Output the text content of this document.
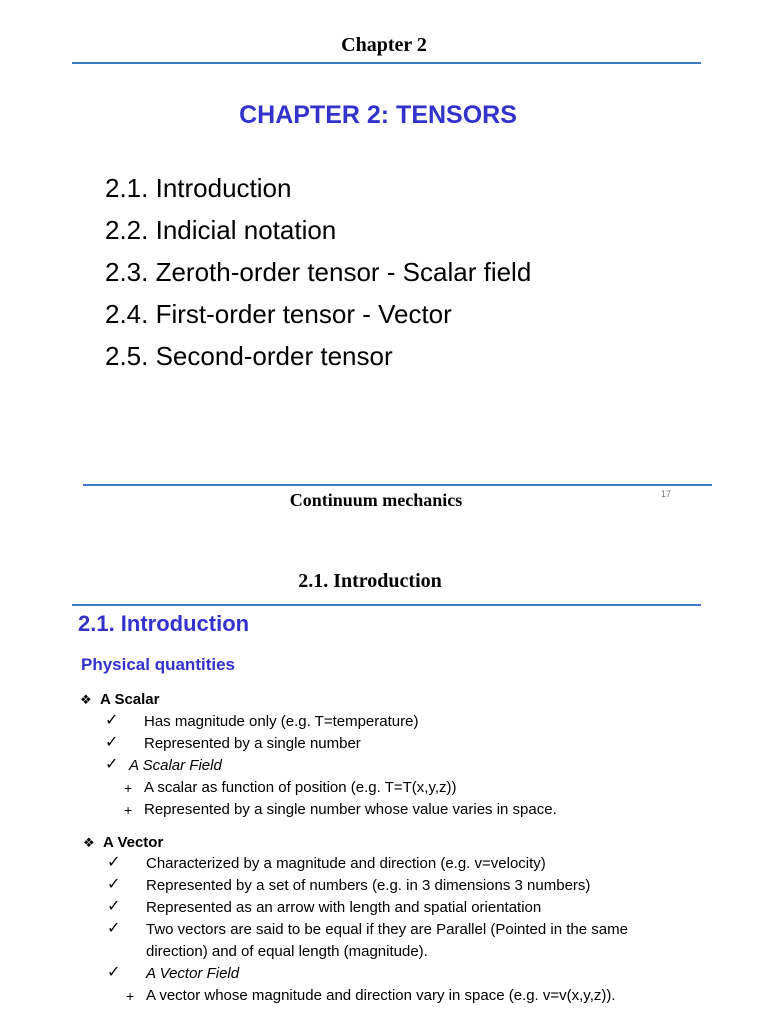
Chapter 2
CHAPTER 2: TENSORS
2.1. Introduction
2.2. Indicial notation
2.3. Zeroth-order tensor - Scalar field
2.4. First-order tensor - Vector
2.5. Second-order tensor
Continuum mechanics	17
2.1. Introduction
2.1. Introduction
Physical quantities
❖ A Scalar
✓ Has magnitude only (e.g. T=temperature)
✓ Represented by a single number
✓ A Scalar Field
+ A scalar as function of position (e.g. T=T(x,y,z))
+ Represented by a single number whose value varies in space.
❖ A Vector
✓ Characterized by a magnitude and direction (e.g. v=velocity)
✓ Represented by a set of numbers (e.g. in 3 dimensions 3 numbers)
✓ Represented as an arrow with length and spatial orientation
✓ Two vectors are said to be equal if they are Parallel (Pointed in the same
direction) and of equal length (magnitude).
✓ A Vector Field
+ A vector whose magnitude and direction vary in space (e.g. v=v(x,y,z)).
